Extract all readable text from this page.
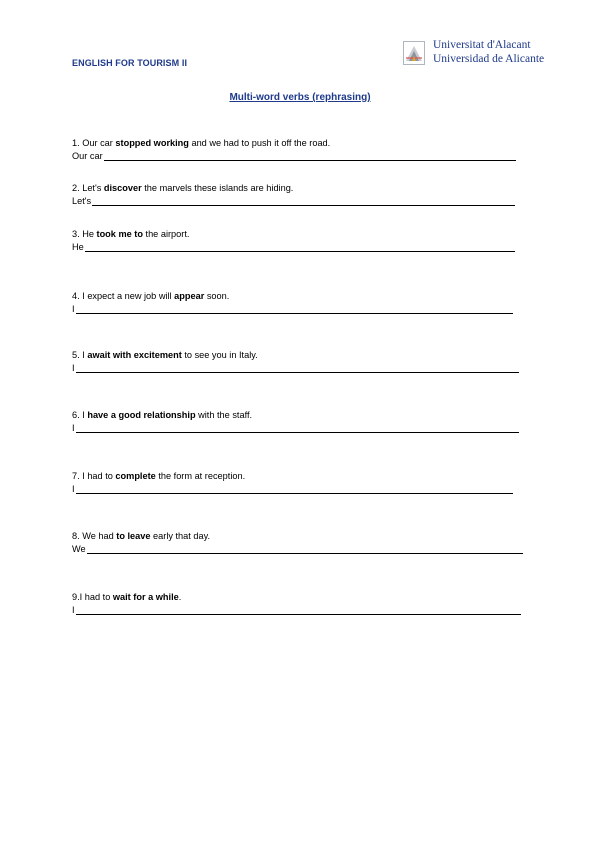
ENGLISH FOR TOURISM II
Universitat d'Alacant
Universidad de Alicante
Multi-word verbs (rephrasing)
1. Our car stopped working and we had to push it off the road.
Our car
2. Let's discover the marvels these islands are hiding.
Let's
3. He took me to the airport.
He
4. I expect a new job will appear soon.
I
5. I await with excitement to see you in Italy.
I
6. I have a good relationship with the staff.
I
7. I had to complete the form at reception.
I
8. We had to leave early that day.
We
9.I had to wait for a while.
I
